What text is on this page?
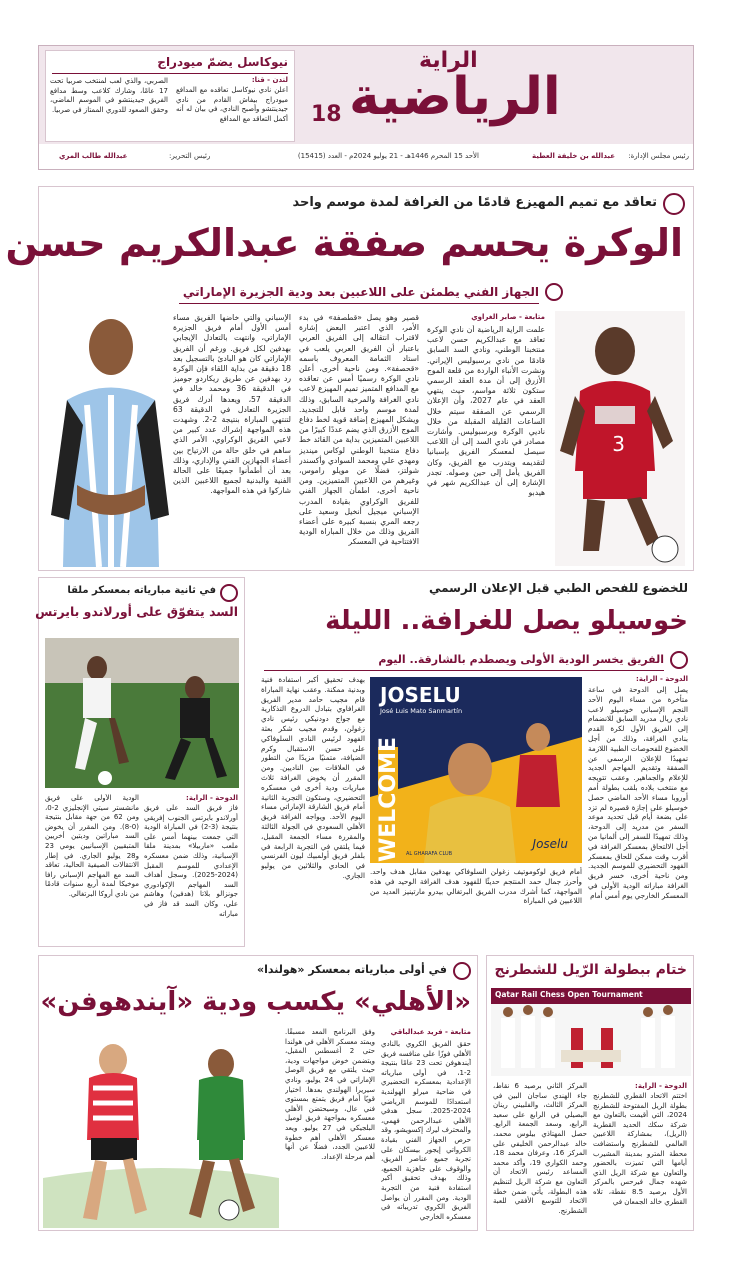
18
الراية
الرياضية
نيوكاسل يضمّ ميودراج
لندن - قنا:
أعلن نادي نيوكاسل تعاقده مع المدافع ميودراج بيفاش القادم من نادي جيدينتشو وأصبح النادي، في بيان له أنه أكمل التعاقد مع المدافع
الصربي، والذي لعب لمنتخب صربيا تحت 17 عامًا، وشارك كلاعب وسط مدافع الفريق جيدينتشو في الموسم الماضي، وحقق الصعود للدوري الممتاز في صربيا.
رئيس مجلس الإدارة:
عبدالله بن خليفة العطية
الأحد 15 المحرم 1446هـ - 21 يوليو 2024م - العدد (15415)
رئيس التحرير:
عبدالله طالب المري
تعاقد مع تميم المهيزع قادمًا من الغرافة لمدة موسم واحد
الوكرة يحسم صفقة عبدالكريم حسن
الجهاز الفني يطمئن على اللاعبين بعد ودية الجزيرة الإماراتي
3
متابعة - صابر الغراوي
علمت الراية الرياضية أن نادي الوكرة تعاقد مع عبدالكريم حسن لاعب منتخبنا الوطني، ونادي السد السابق قادمًا من نادي برسبوليس الإيراني. ونشرت الأنباء الواردة من قلعة الموج الأزرق إلى أن مدة العقد الرسمي ستكون ثلاثة مواسم، حيث ينتهي العقد في عام 2027، وأن الإعلان الرسمي عن الصفقة سيتم خلال الساعات القليلة المقبلة من خلال ناديي الوكرة وبرسبوليس. وأشارت مصادر في نادي السد إلى أن اللاعب سيصل لمعسكر الفريق بإسبانيا لتقديمه ويتدرب مع الفريق، وكان الفريق يأمل إلى حين وصوله. تجدر الإشارة إلى أن عبدالكريم شهر في هيدبو
قصير وهو يصل «قطصفة» في بدء الأمر، الذي اعتبر البعض إشارة لاقتراب انتقاله إلى الفريق العربي باعتبار أن الفريق العربي يلعب في استاد الثمامة المعروف باسمه «قحصفة». ومن ناحية أخرى، أعلن نادي الوكرة رسميًا أمس عن تعاقده مع المدافع المتميز تميم المهيزع لاعب نادي الغرافة والمرخية السابق، وذلك لمدة موسم واحد قابل للتجديد. ويشكل المهيزع إضافة قوية لخط دفاع الموج الأزرق الذي يضم عددًا كبيرًا من اللاعبين المتميزين بداية من القائد خط دفاع منتخبنا الوطني لوكاس مينديز ومهدي علي ومحمد السوادي وأكسندر شولتز، فضلًا عن مويلو راموس، وغيرهم من اللاعبين المتميزين. ومن ناحية أخرى، اطمأن الجهاز الفني للفريق الوكراوي بقيادة المدرب الإسباني ميجيل أنخيل وسعيد على رجعه المري بنسبة كبيرة على أعضاء الفريق وذلك من خلال المباراة الودية الافتتاحية في المعسكر
الإسباني والتي خاضها الفريق مساء أمس الأول أمام فريق الجزيرة الإماراتي، وانتهت بالتعادل الإيجابي بهدفين لكل فريق. ورغم أن الفريق الإماراتي كان هو البادئ بالتسجيل بعد 18 دقيقة من بداية اللقاء فإن الوكرة رد بهدفين عن طريق ريكاردو جوميز في الدقيقة 36 ومحمد خالد في الدقيقة 57، ويعدها أدرك فريق الجزيرة التعادل في الدقيقة 63 لتنتهي المباراة بنتيجة 2-2. وشهدت هذه المواجهة إشراك عدد كبير من لاعبي الفريق الوكراوي، الأمر الذي ساهم في خلق حالة من الارتياح بين أعضاء الجهازين الفني والإداري، وذلك بعد أن أطمأنوا جميعًا على الحالة الفنية والبدنية لجميع اللاعبين الذين شاركوا في هذه المواجهة.
للخضوع للفحص الطبي قبل الإعلان الرسمي
خوسيلو يصل للغرافة.. الليلة
الفريق يخسر الودية الأولى ويصطدم بالشارقة.. اليوم
الدوحة - الراية:
يصل إلى الدوحة في ساعة متأخرة من مساء اليوم الأحد النجم الإسباني خوسيلو لاعب نادي ريال مدريد السابق للانضمام إلى الفريق الأول لكرة القدم بنادي الغرافة، وذلك من أجل الخضوع للفحوصات الطبية اللازمة تمهيدًا للإعلان الرسمي عن الصفقة وتقديم المهاجم الجديد للإعلام والجماهير. وعقب تتويجه مع منتخب بلاده بلقب بطولة أمم أوروبا مساء الأحد الماضي حصل خوسيلو على إجازة قصيرة لم تزد على بضعة أيام قبل تحديد موعد السفر من مدريد إلى الدوحة، وذلك تمهيدًا للسفر إلى ألمانيا من أجل الالتحاق بمعسكر الغرافة في أقرب وقت ممكن للحاق بمعسكر الفهود التحضيري للموسم الجديد. ومن ناحية أخرى، خسر فريق الغرافة مباراته الودية الأولى في المعسكر الخارجي يوم أمس أمام
JOSELU
José Luis Mato Sanmartín
WELCOME	Joselu
AL GHARAFA CLUB
أمام فريق لوكوموتيف زغولن السلوفاكي بهدفين مقابل هدف واحد. وأحرز جمال حمد المنتجم حديثًا للفهود هدف الغرافة الوحيد في هذه المواجهة، كما أشرك مدرب الفريق البرتغالي بيدرو مارتينيز العديد من اللاعبين في المباراة
بهدف تحقيق أكبر استفادة فنية وبدنية ممكنة. وعقب نهاية المباراة قام مجيب حامد مدير الفريق الغرافاوي بتبادل الدروع التذكارية مع جواج دودنيكي رئيس نادي زغولن، وقدم مجيب شكر بعثة الفهود لرئيس النادي السلوفاكي على حسن الاستقبال وكرم الضيافة، متمنيًا مزيدًا من التطور في العلاقات بين الناديين. ومن المقرر أن يخوض الغرافة ثلاث مباريات ودية أخرى في معسكره التحضيري، وستكون التجربة الثانية أمام فريق الشارقة الإماراتي مساء اليوم الأحد. ويواجه الغرافة فريق الأهلي السعودي في الجولة الثالثة والمقررة مساء الجمعة المقبل، فيما يلتقي في التجربة الرابعة في بلفلر فريق أولمبيك ليون الفرنسي في الحادي والثلاثين من يوليو الجاري.
في ثانية مبارياته بمعسكر ملقا
السد يتفوّق على أورلاندو بايرتس
الدوحة - الراية:
فاز فريق السد على فريق أورلاندو بايرتس الجنوب إفريقي بنتيجة (3-2) في المباراة الودية التي جمعت بينهما أمس على ملعب «ماربيلا» بمدينة ملقا الإسبانية، وذلك ضمن معسكره الإعدادي للموسم المقبل (2024-2025). وسجل أهداف السد المهاجم الإكوادوري جونزالو بلاتا (هدفين) وهاشم علي، وكان السد قد فاز في مباراته
الودية الأولى على فريق مانشستر سيتي الإنجليزي 2-0، ومن 62 من جهة مقابل بنتيجة (0-8). ومن المقرر أن يخوض السد مباراتين وديتين أخريين المتبقيين الإسبانيين يومي 23 و28 يوليو الجاري. في إطار الانتقالات الصيفية الحالية، تعاقد السد مع المهاجم الإسباني رافا موخيكا لمدة أربع سنوات قادمًا من نادي أروكا البرتغالي.
في أولى مبارياته بمعسكر «هولندا»
«الأهلي» يكسب ودية «آيندهوفن»
متابعة - فريد عبدالباقي
حقق الفريق الكروي بالنادي الأهلي فوزًا على منافسه فريق آيندهوفن تحت 23 عامًا بنتيجة 2-1، في أولى مبارياته الإعدادية بمعسكره التحضيري في ضاحية ميرلو الهولندية استعدادًا للموسم الرياضي 2024-2025. سجل هدفي الأهلي عبدالرحمن فهمي، والمحترف ليرك إكسويشو، وقد حرص الجهاز الفني بقيادة الكرواتي إيجور بيسكان على تجربة جميع عناصر الفريق، والوقوف على جاهزية الجميع، وذلك بهدف تحقيق أكبر استفادة فنية من التجربة الودية. ومن المقرر أن يواصل الفريق الكروي تدريباته في معسكره الخارجي
وفق البرنامج المعد مسبقًا. ويمتد معسكر الأهلي في هولندا حتى 2 أغسطس المقبل، ويتضمن خوض مواجهات ودية، حيث يلتقي مع فريق الوصل الإماراتي في 24 يوليو، ونادي سيريرا الهولندي بعدها. اختيار قويًا أمام فريق يتمتع بمستوى فني عال، وسيحتضن الأهلي معسكره بمواجهة فريق لوميل البلجيكي في 27 يوليو. ويعد معسكر الأهلي أهم خطوة للاعبين الجدد، فضلًا عن أنها أهم مرحلة الإعداد.
ختام ببطولة الرّيل للشطرنج
Qatar Rail Chess Open Tournament
الدوحة - الراية:
اختتم الاتحاد القطري للشطرنج بطولة الريل المفتوحة للشطرنج 2024، التي أقيمت بالتعاون مع شركة سكك الحديد القطرية (الريل)، بمشاركة اللاعبين العالمي للشطرنج واستضافت محطة المترو بمدينة المشيرب أيامها التي تميزت بالحضور والتعاون مع شركة الريل الذي شهده جمال فيرحس بالمركز الأول برصيد 8.5 نقطة، تلاه القطري خالد الجمعان في
المركز الثاني برصيد 6 نقاط، جاء الهندي ساجان البين في المركز الثالث، والفلبيني رينان البصيلي في الرابع على سعيد الرابع، وسعد الجمعة الرابع. حصل المهتاذي بيلوس محمد، خالد عبدالرحمن الخليفي على المركز 16، وعرفان محمد 18، وحمد الكواري 19، وأكد محمد المساعد رئيس الاتحاد أن التعاون مع شركة الريل لتنظيم هذه البطولة، يأتي ضمن خطة الاتحاد للتوسع الأفقي للعبة الشطرنج.
